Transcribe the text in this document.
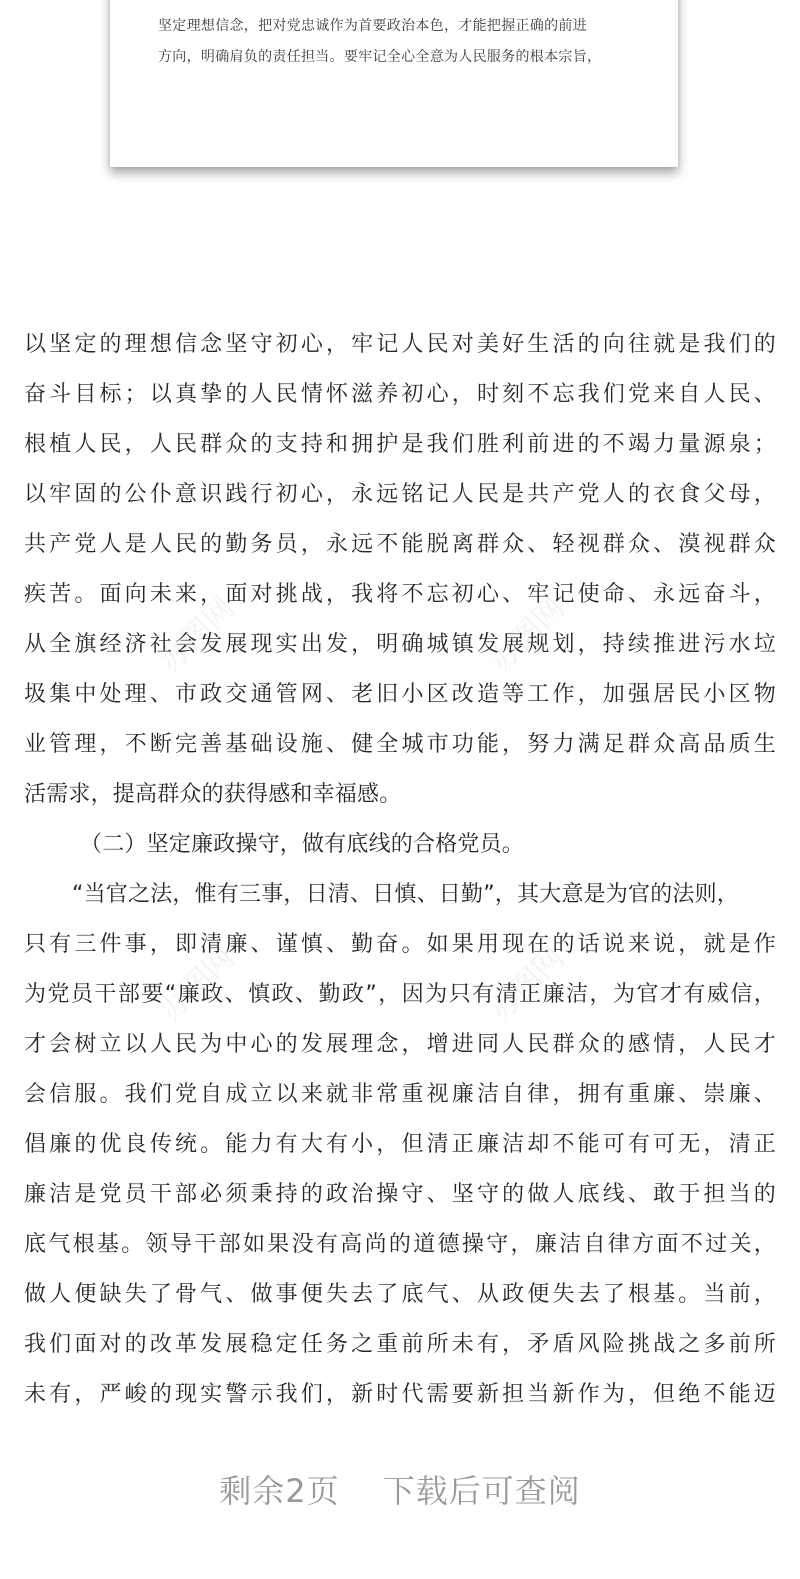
坚定理想信念，把对党忠诚作为首要政治本色，才能把握正确的前进
方向，明确肩负的责任担当。要牢记全心全意为人民服务的根本宗旨，
以坚定的理想信念坚守初心，牢记人民对美好生活的向往就是我们的
奋斗目标；以真挚的人民情怀滋养初心，时刻不忘我们党来自人民、
根植人民，人民群众的支持和拥护是我们胜利前进的不竭力量源泉；
以牢固的公仆意识践行初心，永远铭记人民是共产党人的衣食父母，
共产党人是人民的勤务员，永远不能脱离群众、轻视群众、漠视群众
疾苦。面向未来，面对挑战，我将不忘初心、牢记使命、永远奋斗，
从全旗经济社会发展现实出发，明确城镇发展规划，持续推进污水垃
圾集中处理、市政交通管网、老旧小区改造等工作，加强居民小区物
业管理，不断完善基础设施、健全城市功能，努力满足群众高品质生
活需求，提高群众的获得感和幸福感。
（二）坚定廉政操守，做有底线的合格党员。
“当官之法，惟有三事，日清、日慎、日勤”，其大意是为官的法则，
只有三件事，即清廉、谨慎、勤奋。如果用现在的话说来说，就是作
为党员干部要“廉政、慎政、勤政”，因为只有清正廉洁，为官才有威信，
才会树立以人民为中心的发展理念，增进同人民群众的感情，人民才
会信服。我们党自成立以来就非常重视廉洁自律，拥有重廉、崇廉、
倡廉的优良传统。能力有大有小，但清正廉洁却不能可有可无，清正
廉洁是党员干部必须秉持的政治操守、坚守的做人底线、敢于担当的
底气根基。领导干部如果没有高尚的道德操守，廉洁自律方面不过关，
做人便缺失了骨气、做事便失去了底气、从政便失去了根基。当前，
我们面对的改革发展稳定任务之重前所未有，矛盾风险挑战之多前所
未有，严峻的现实警示我们，新时代需要新担当新作为，但绝不能迈
办图网	办图网
办图网	办图网
剩余2页 下载后可查阅
